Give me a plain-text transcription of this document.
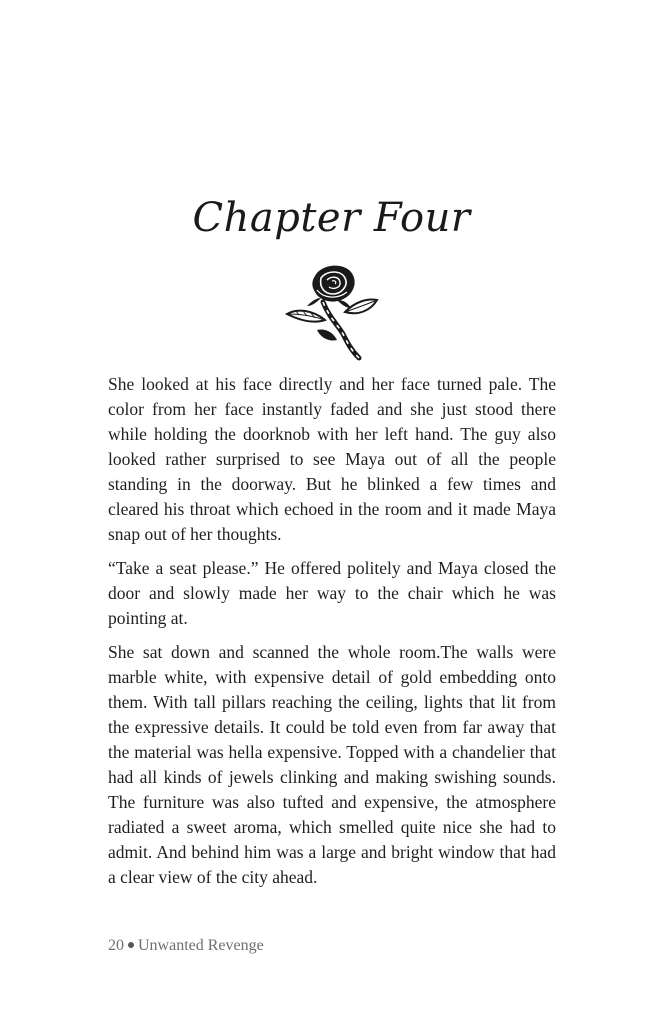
Chapter Four

She looked at his face directly and her face turned pale. The color from her face instantly faded and she just stood there while holding the doorknob with her left hand. The guy also looked rather surprised to see Maya out of all the people standing in the doorway. But he blinked a few times and cleared his throat which echoed in the room and it made Maya snap out of her thoughts.

“Take a seat please.” He offered politely and Maya closed the door and slowly made her way to the chair which he was pointing at.

She sat down and scanned the whole room.The walls were marble white, with expensive detail of gold embedding onto them. With tall pillars reaching the ceiling, lights that lit from the expressive details. It could be told even from far away that the material was hella expensive. Topped with a chandelier that had all kinds of jewels clinking and making swishing sounds. The furniture was also tufted and expensive, the atmosphere radiated a sweet aroma, which smelled quite nice she had to admit. And behind him was a large and bright window that had a clear view of the city ahead.

20 Unwanted Revenge
